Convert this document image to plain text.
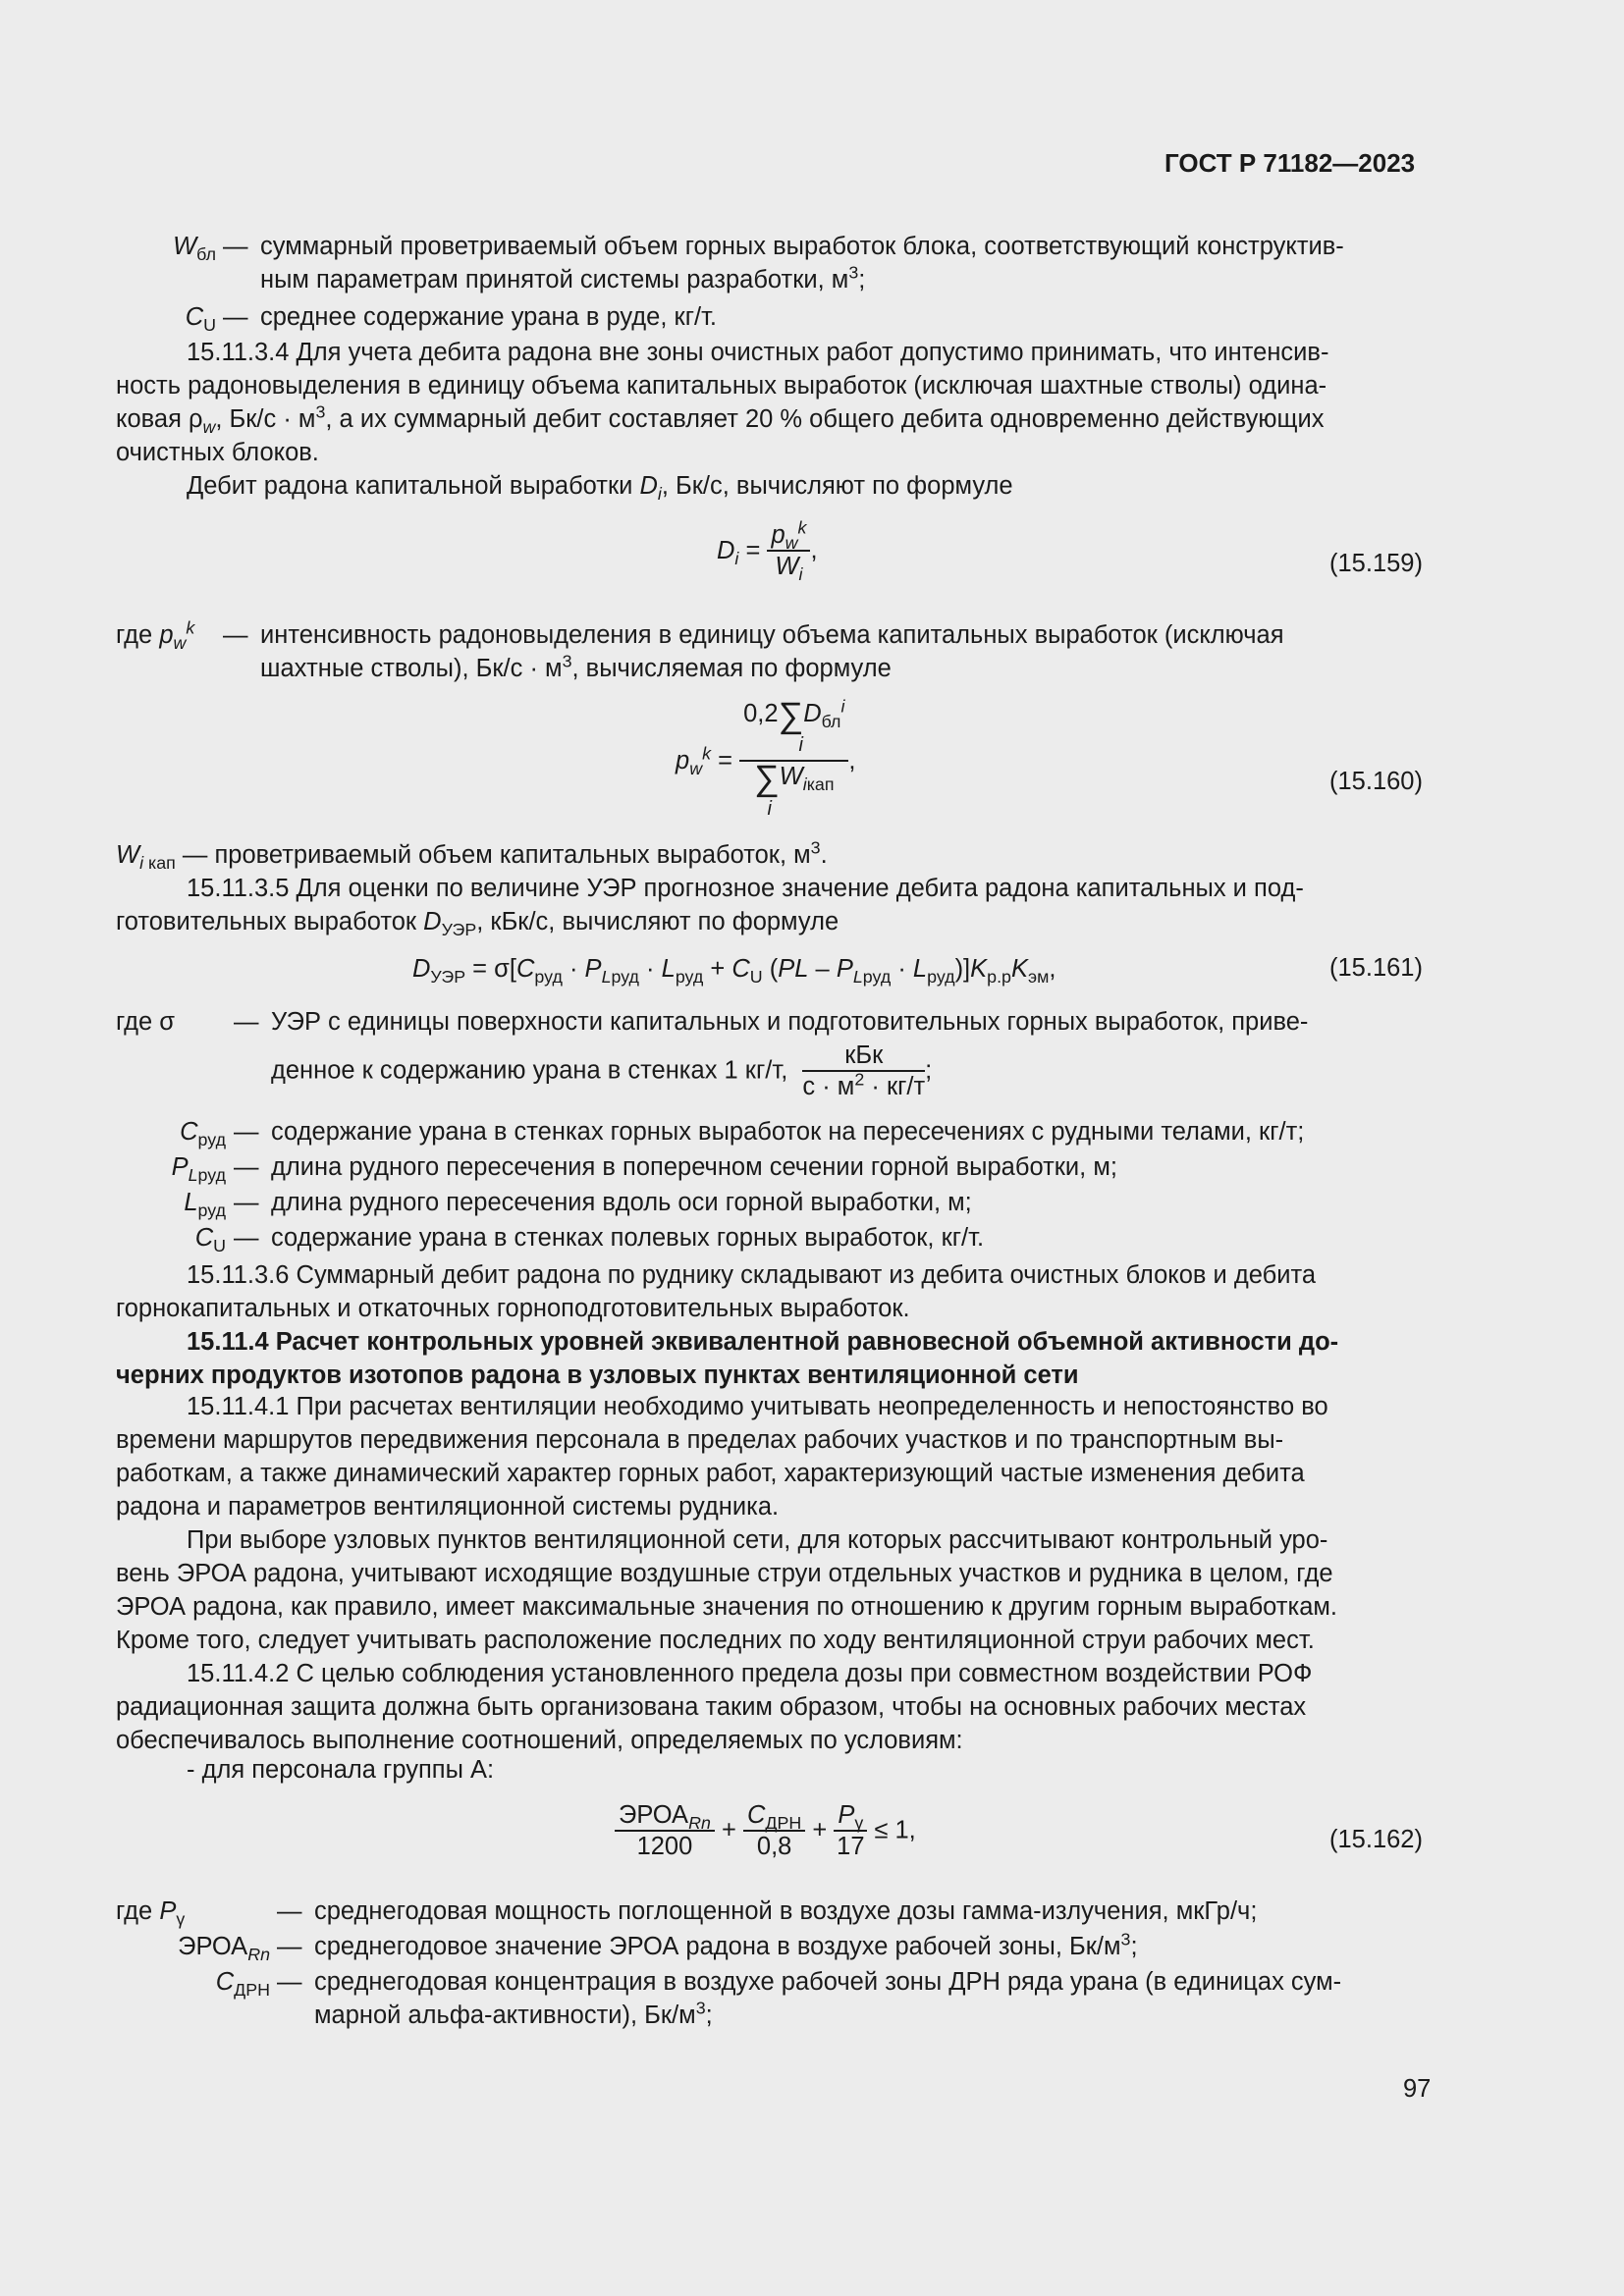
ГОСТ Р 71182—2023
$W_{бл}$ — суммарный проветриваемый объем горных выработок блока, соответствующий конструктив-
ным параметрам принятой системы разработки, $м^3$;
$C_U$ — среднее содержание урана в руде, кг/т.
15.11.3.4 Для учета дебита радона вне зоны очистных работ допустимо принимать, что интенсив-
ность радоновыделения в единицу объема капитальных выработок (исключая шахтные стволы) одина-
ковая $\rho_w$, $Бк/с \cdot м^3$, а их суммарный дебит составляет 20 % общего дебита одновременно действующих
очистных блоков.
Дебит радона капитальной выработки $D_i$, Бк/с, вычисляют по формуле
$D_i = \frac{p_w^k}{W_i}$ ,	(15.159)
где $p_w^k$ — интенсивность радоновыделения в единицу объема капитальных выработок (исключая
шахтные стволы), $Бк/с \cdot м^3$, вычисляемая по формуле
$p_w^k$ =
$0,2\sum D_{бл}^i$
i
$\sum W_{iкап}$
i
,
(15.160)
$W_{i кап}$ — проветриваемый объем капитальных выработок, $м^3$.
15.11.3.5 Для оценки по величине УЭР прогнозное значение дебита радона капитальных и под-
готовительных выработок $D_{УЭР}$, кБк/с, вычисляют по формуле
$D_{УЭР} = \sigma[C_{руд} \cdot P_{Lруд} \cdot L_{руд} + C_U$ $(PL - P_{Lруд} \cdot L_{руд})]K_{р.р}K_{эм}$,	(15.161)
где σ — УЭР с единицы поверхности капитальных и подготовительных горных выработок, приве-
денное к содержанию урана в стенках 1 кг/т, $\frac{\text{кБк}}{с \cdot м^2 \cdot кг/т}$ ;
$C_{руд}$ — содержание урана в стенках горных выработок на пересечениях с рудными телами, кг/т;
$P_{Lруд}$ — длина рудного пересечения в поперечном сечении горной выработки, м;
$L_{руд}$ — длина рудного пересечения вдоль оси горной выработки, м;
$C_U$ — содержание урана в стенках полевых горных выработок, кг/т.
15.11.3.6 Суммарный дебит радона по руднику складывают из дебита очистных блоков и дебита
горнокапитальных и откаточных горноподготовительных выработок.
15.11.4 Расчет контрольных уровней эквивалентной равновесной объемной активности до-
черних продуктов изотопов радона в узловых пунктах вентиляционной сети
15.11.4.1 При расчетах вентиляции необходимо учитывать неопределенность и непостоянство во
времени маршрутов передвижения персонала в пределах рабочих участков и по транспортным вы-
работкам, а также динамический характер горных работ, характеризующий частые изменения дебита
радона и параметров вентиляционной системы рудника.
При выборе узловых пунктов вентиляционной сети, для которых рассчитывают контрольный уро-
вень ЭРОА радона, учитывают исходящие воздушные струи отдельных участков и рудника в целом, где
ЭРОА радона, как правило, имеет максимальные значения по отношению к другим горным выработкам.
Кроме того, следует учитывать расположение последних по ходу вентиляционной струи рабочих мест.
15.11.4.2 С целью соблюдения установленного предела дозы при совместном воздействии РОФ
радиационная защита должна быть организована таким образом, чтобы на основных рабочих местах
обеспечивалось выполнение соотношений, определяемых по условиям:
- для персонала группы А:
$\frac{ЭРОА_{Rn}}{1200} + \frac{C_{ДРН}}{0,8} + \frac{P_\gamma}{17} \le 1$,	(15.162)
где $P_\gamma$	— среднегодовая мощность поглощенной в воздухе дозы гамма-излучения, мкГр/ч;
$ЭРОА_{Rn}$ — среднегодовое значение ЭРОА радона в воздухе рабочей зоны, $Бк/м^3$;
$C_{ДРН}$ — среднегодовая концентрация в воздухе рабочей зоны ДРН ряда урана (в единицах сум-
марной альфа-активности), $Бк/м^3$;
97
